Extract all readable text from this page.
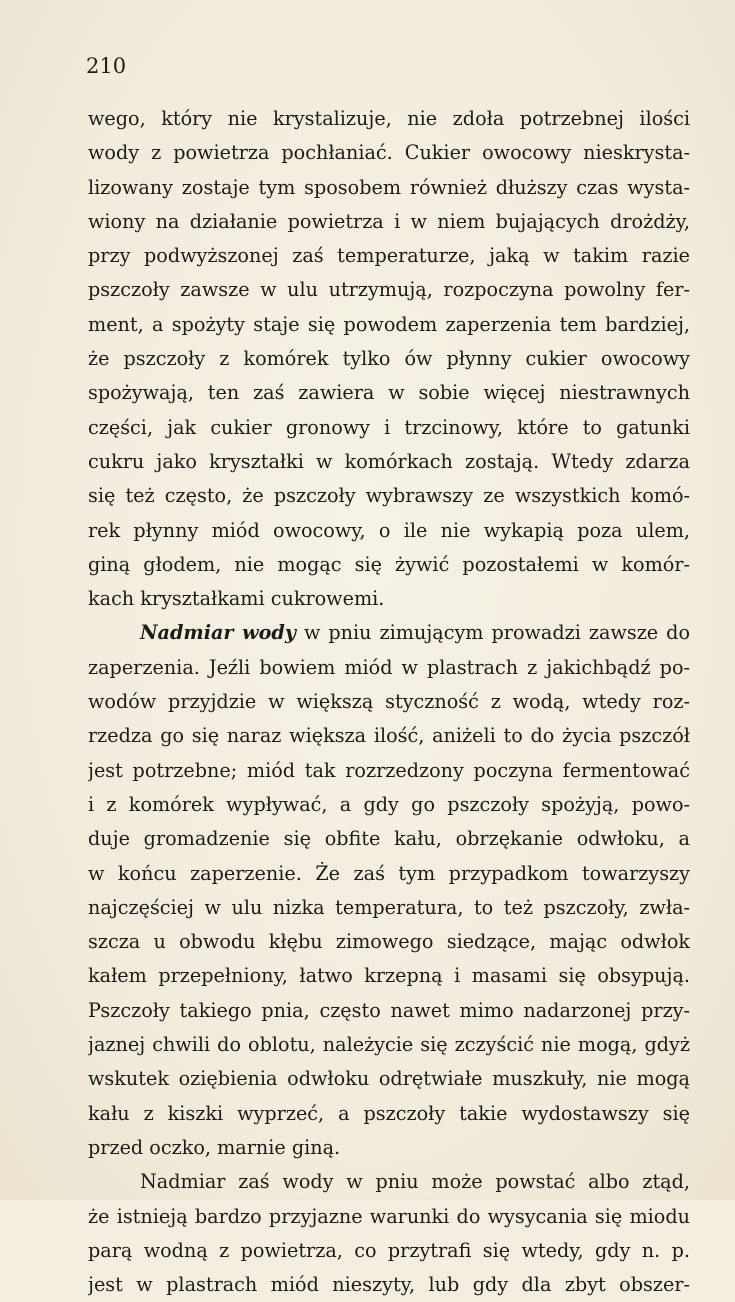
210
wego, który nie krystalizuje, nie zdoła potrzebnej ilości
wody z powietrza pochłaniać. Cukier owocowy nieskrysta-
lizowany zostaje tym sposobem również dłuższy czas wysta-
wiony na działanie powietrza i w niem bujających drożdży,
przy podwyższonej zaś temperaturze, jaką w takim razie
pszczoły zawsze w ulu utrzymują, rozpoczyna powolny fer-
ment, a spożyty staje się powodem zaperzenia tem bardziej,
że pszczoły z komórek tylko ów płynny cukier owocowy
spożywają, ten zaś zawiera w sobie więcej niestrawnych
części, jak cukier gronowy i trzcinowy, które to gatunki
cukru jako kryształki w komórkach zostają. Wtedy zdarza
się też często, że pszczoły wybrawszy ze wszystkich komó-
rek płynny miód owocowy, o ile nie wykapią poza ulem,
giną głodem, nie mogąc się żywić pozostałemi w komór-
kach kryształkami cukrowemi.
Nadmiar wody w pniu zimującym prowadzi zawsze do
zaperzenia. Jeźli bowiem miód w plastrach z jakichbądź po-
wodów przyjdzie w większą styczność z wodą, wtedy roz-
rzedza go się naraz większa ilość, aniżeli to do życia pszczół
jest potrzebne; miód tak rozrzedzony poczyna fermentować
i z komórek wypływać, a gdy go pszczoły spożyją, powo-
duje gromadzenie się obfite kału, obrzękanie odwłoku, a
w końcu zaperzenie. Że zaś tym przypadkom towarzyszy
najczęściej w ulu nizka temperatura, to też pszczoły, zwła-
szcza u obwodu kłębu zimowego siedzące, mając odwłok
kałem przepełniony, łatwo krzepną i masami się obsypują.
Pszczoły takiego pnia, często nawet mimo nadarzonej przy-
jaznej chwili do oblotu, należycie się zczyścić nie mogą, gdyż
wskutek oziębienia odwłoku odrętwiałe muszkuły, nie mogą
kału z kiszki wyprzeć, a pszczoły takie wydostawszy się
przed oczko, marnie giną.
Nadmiar zaś wody w pniu może powstać albo ztąd,
że istnieją bardzo przyjazne warunki do wysycania się miodu
parą wodną z powietrza, co przytrafi się wtedy, gdy n. p.
jest w plastrach miód nieszyty, lub gdy dla zbyt obszer-
